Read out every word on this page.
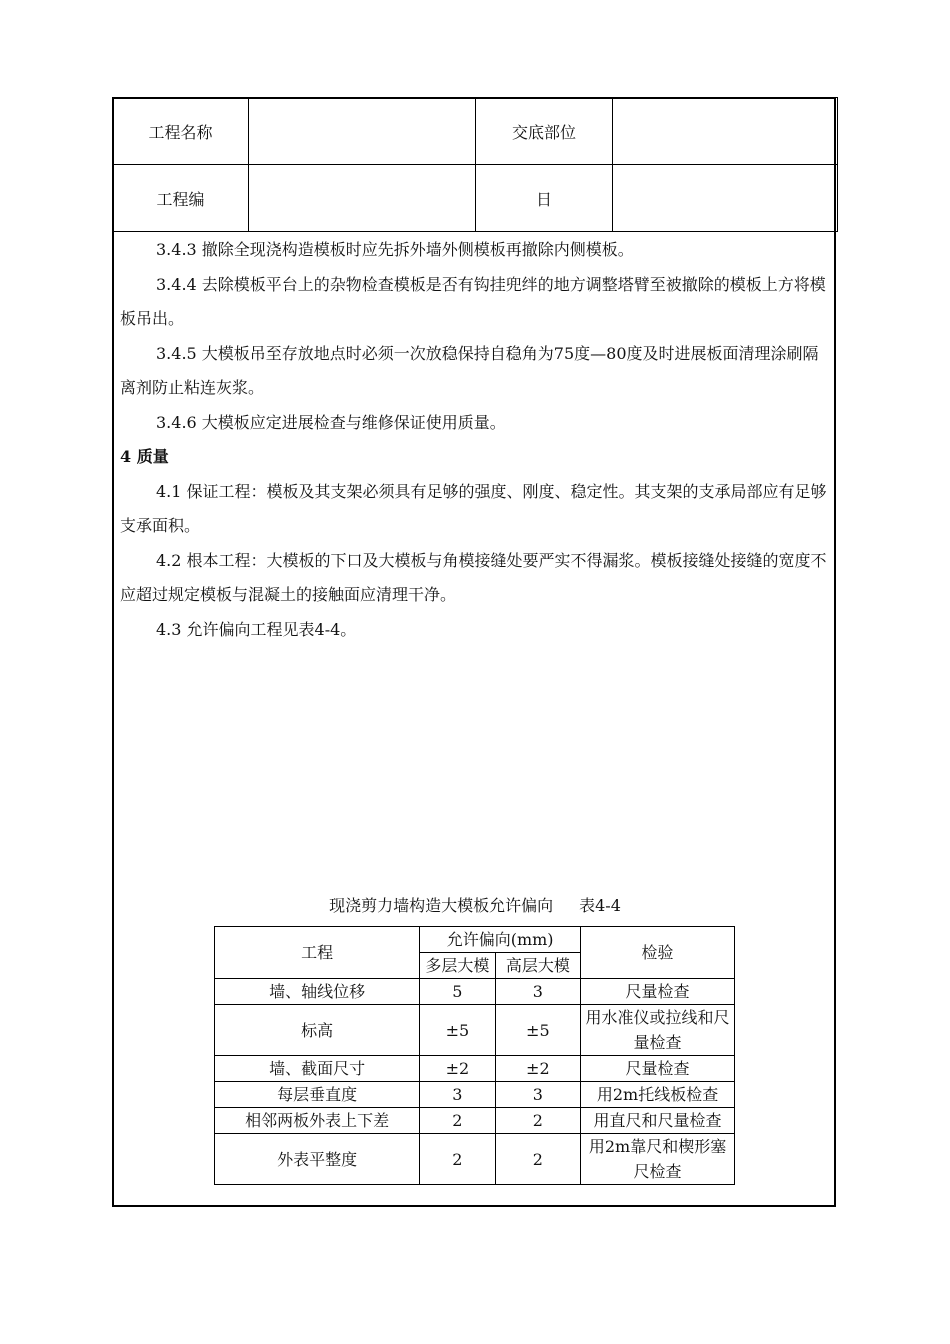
工程名称		交底部位	
工程编		日	

3.4.3 撤除全现浇构造模板时应先拆外墙外侧模板再撤除内侧模板。

3.4.4 去除模板平台上的杂物检查模板是否有钩挂兜绊的地方调整塔臂至被撤除的模板上方将模板吊出。

3.4.5 大模板吊至存放地点时必须一次放稳保持自稳角为75度—80度及时进展板面清理涂刷隔离剂防止粘连灰浆。

3.4.6 大模板应定进展检查与维修保证使用质量。

4 质量

4.1 保证工程：模板及其支架必须具有足够的强度、刚度、稳定性。其支架的支承局部应有足够支承面积。

4.2 根本工程：大模板的下口及大模板与角模接缝处要严实不得漏浆。模板接缝处接缝的宽度不应超过规定模板与混凝土的接触面应清理干净。

4.3 允许偏向工程见表4-4。

现浇剪力墙构造大模板允许偏向 表4-4
工程	允许偏向(mm)		检验
	多层大模	高层大模	
墙、轴线位移	5	3	尺量检查
标高	±5	±5	用水准仪或拉线和尺量检查
墙、截面尺寸	±2	±2	尺量检查
每层垂直度	3	3	用2m托线板检查
相邻两板外表上下差	2	2	用直尺和尺量检查
外表平整度	2	2	用2m靠尺和楔形塞尺检查
